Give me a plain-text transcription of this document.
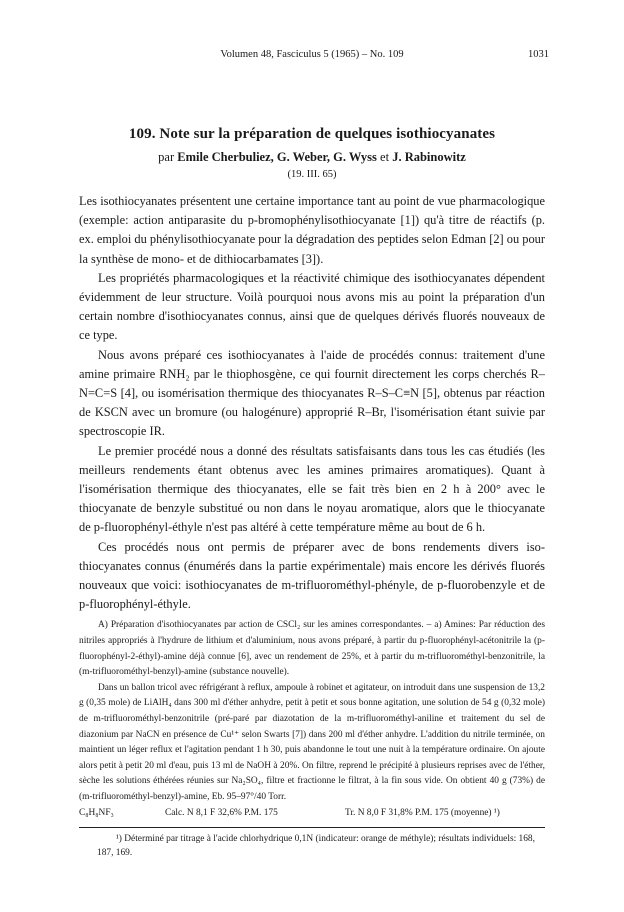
Volumen 48, Fasciculus 5 (1965) – No. 109	1031
109. Note sur la préparation de quelques isothiocyanates
par Emile Cherbuliez, G. Weber, G. Wyss et J. Rabinowitz
(19. III. 65)

Les isothiocyanates présentent une certaine importance tant au point de vue pharmacologique (exemple: action antiparasite du p-bromophénylisothiocyanate [1]) qu'à titre de réactifs (p. ex. emploi du phénylisothiocyanate pour la dégradation des peptides selon Edman [2] ou pour la synthèse de mono- et de dithiocarbamates [3]).

Les propriétés pharmacologiques et la réactivité chimique des isothiocyanates dépendent évidemment de leur structure. Voilà pourquoi nous avons mis au point la préparation d'un certain nombre d'isothiocyanates connus, ainsi que de quelques dérivés fluorés nouveaux de ce type.

Nous avons préparé ces isothiocyanates à l'aide de procédés connus: traitement d'une amine primaire RNH₂ par le thiophosgène, ce qui fournit directement les corps cherchés R–N=C=S [4], ou isomérisation thermique des thiocyanates R–S–C≡N [5], obtenus par réaction de KSCN avec un bromure (ou halogénure) approprié R–Br, l'isomérisation étant suivie par spectroscopie IR.

Le premier procédé nous a donné des résultats satisfaisants dans tous les cas étudiés (les meilleurs rendements étant obtenus avec les amines primaires aromatiques). Quant à l'isomérisation thermique des thiocyanates, elle se fait très bien en 2 h à 200° avec le thiocyanate de benzyle substitué ou non dans le noyau aromatique, alors que le thiocyanate de p-fluorophényl-éthyle n'est pas altéré à cette température même au bout de 6 h.

Ces procédés nous ont permis de préparer avec de bons rendements divers iso-thiocyanates connus (énumérés dans la partie expérimentale) mais encore les dérivés fluorés nouveaux que voici: isothiocyanates de m-trifluorométhyl-phényle, de p-fluorobenzyle et de p-fluorophényl-éthyle.

A) Préparation d'isothiocyanates par action de CSCl₂ sur les amines correspondantes. – a) Amines: Par réduction des nitriles appropriés à l'hydrure de lithium et d'aluminium, nous avons préparé, à partir du p-fluorophényl-acétonitrile la (p-fluorophényl-2-éthyl)-amine déjà connue [6], avec un rendement de 25%, et à partir du m-trifluorométhyl-benzonitrile, la (m-trifluorométhyl-benzyl)-amine (substance nouvelle).

Dans un ballon tricol avec réfrigérant à reflux, ampoule à robinet et agitateur, on introduit dans une suspension de 13,2 g (0,35 mole) de LiAlH₄ dans 300 ml d'éther anhydre, petit à petit et sous bonne agitation, une solution de 54 g (0,32 mole) de m-trifluorométhyl-benzonitrile (pré-paré par diazotation de la m-trifluorométhyl-aniline et traitement du sel de diazonium par NaCN en présence de Cu¹⁺ selon Swarts [7]) dans 200 ml d'éther anhydre. L'addition du nitrile terminée, on maintient un léger reflux et l'agitation pendant 1 h 30, puis abandonne le tout une nuit à la température ordinaire. On ajoute alors petit à petit 20 ml d'eau, puis 13 ml de NaOH à 20%. On filtre, reprend le précipité à plusieurs reprises avec de l'éther, sèche les solutions éthérées réunies sur Na₂SO₄, filtre et fractionne le filtrat, à la fin sous vide. On obtient 40 g (73%) de (m-trifluorométhyl-benzyl)-amine, Eb. 95–97°/40 Torr.

C₈H₈NF₃	Calc. N 8,1 F 32,6% P.M. 175	Tr. N 8,0 F 31,8% P.M. 175 (moyenne) ¹)

¹) Déterminé par titrage à l'acide chlorhydrique 0,1N (indicateur: orange de méthyle); résultats individuels: 168, 187, 169.
